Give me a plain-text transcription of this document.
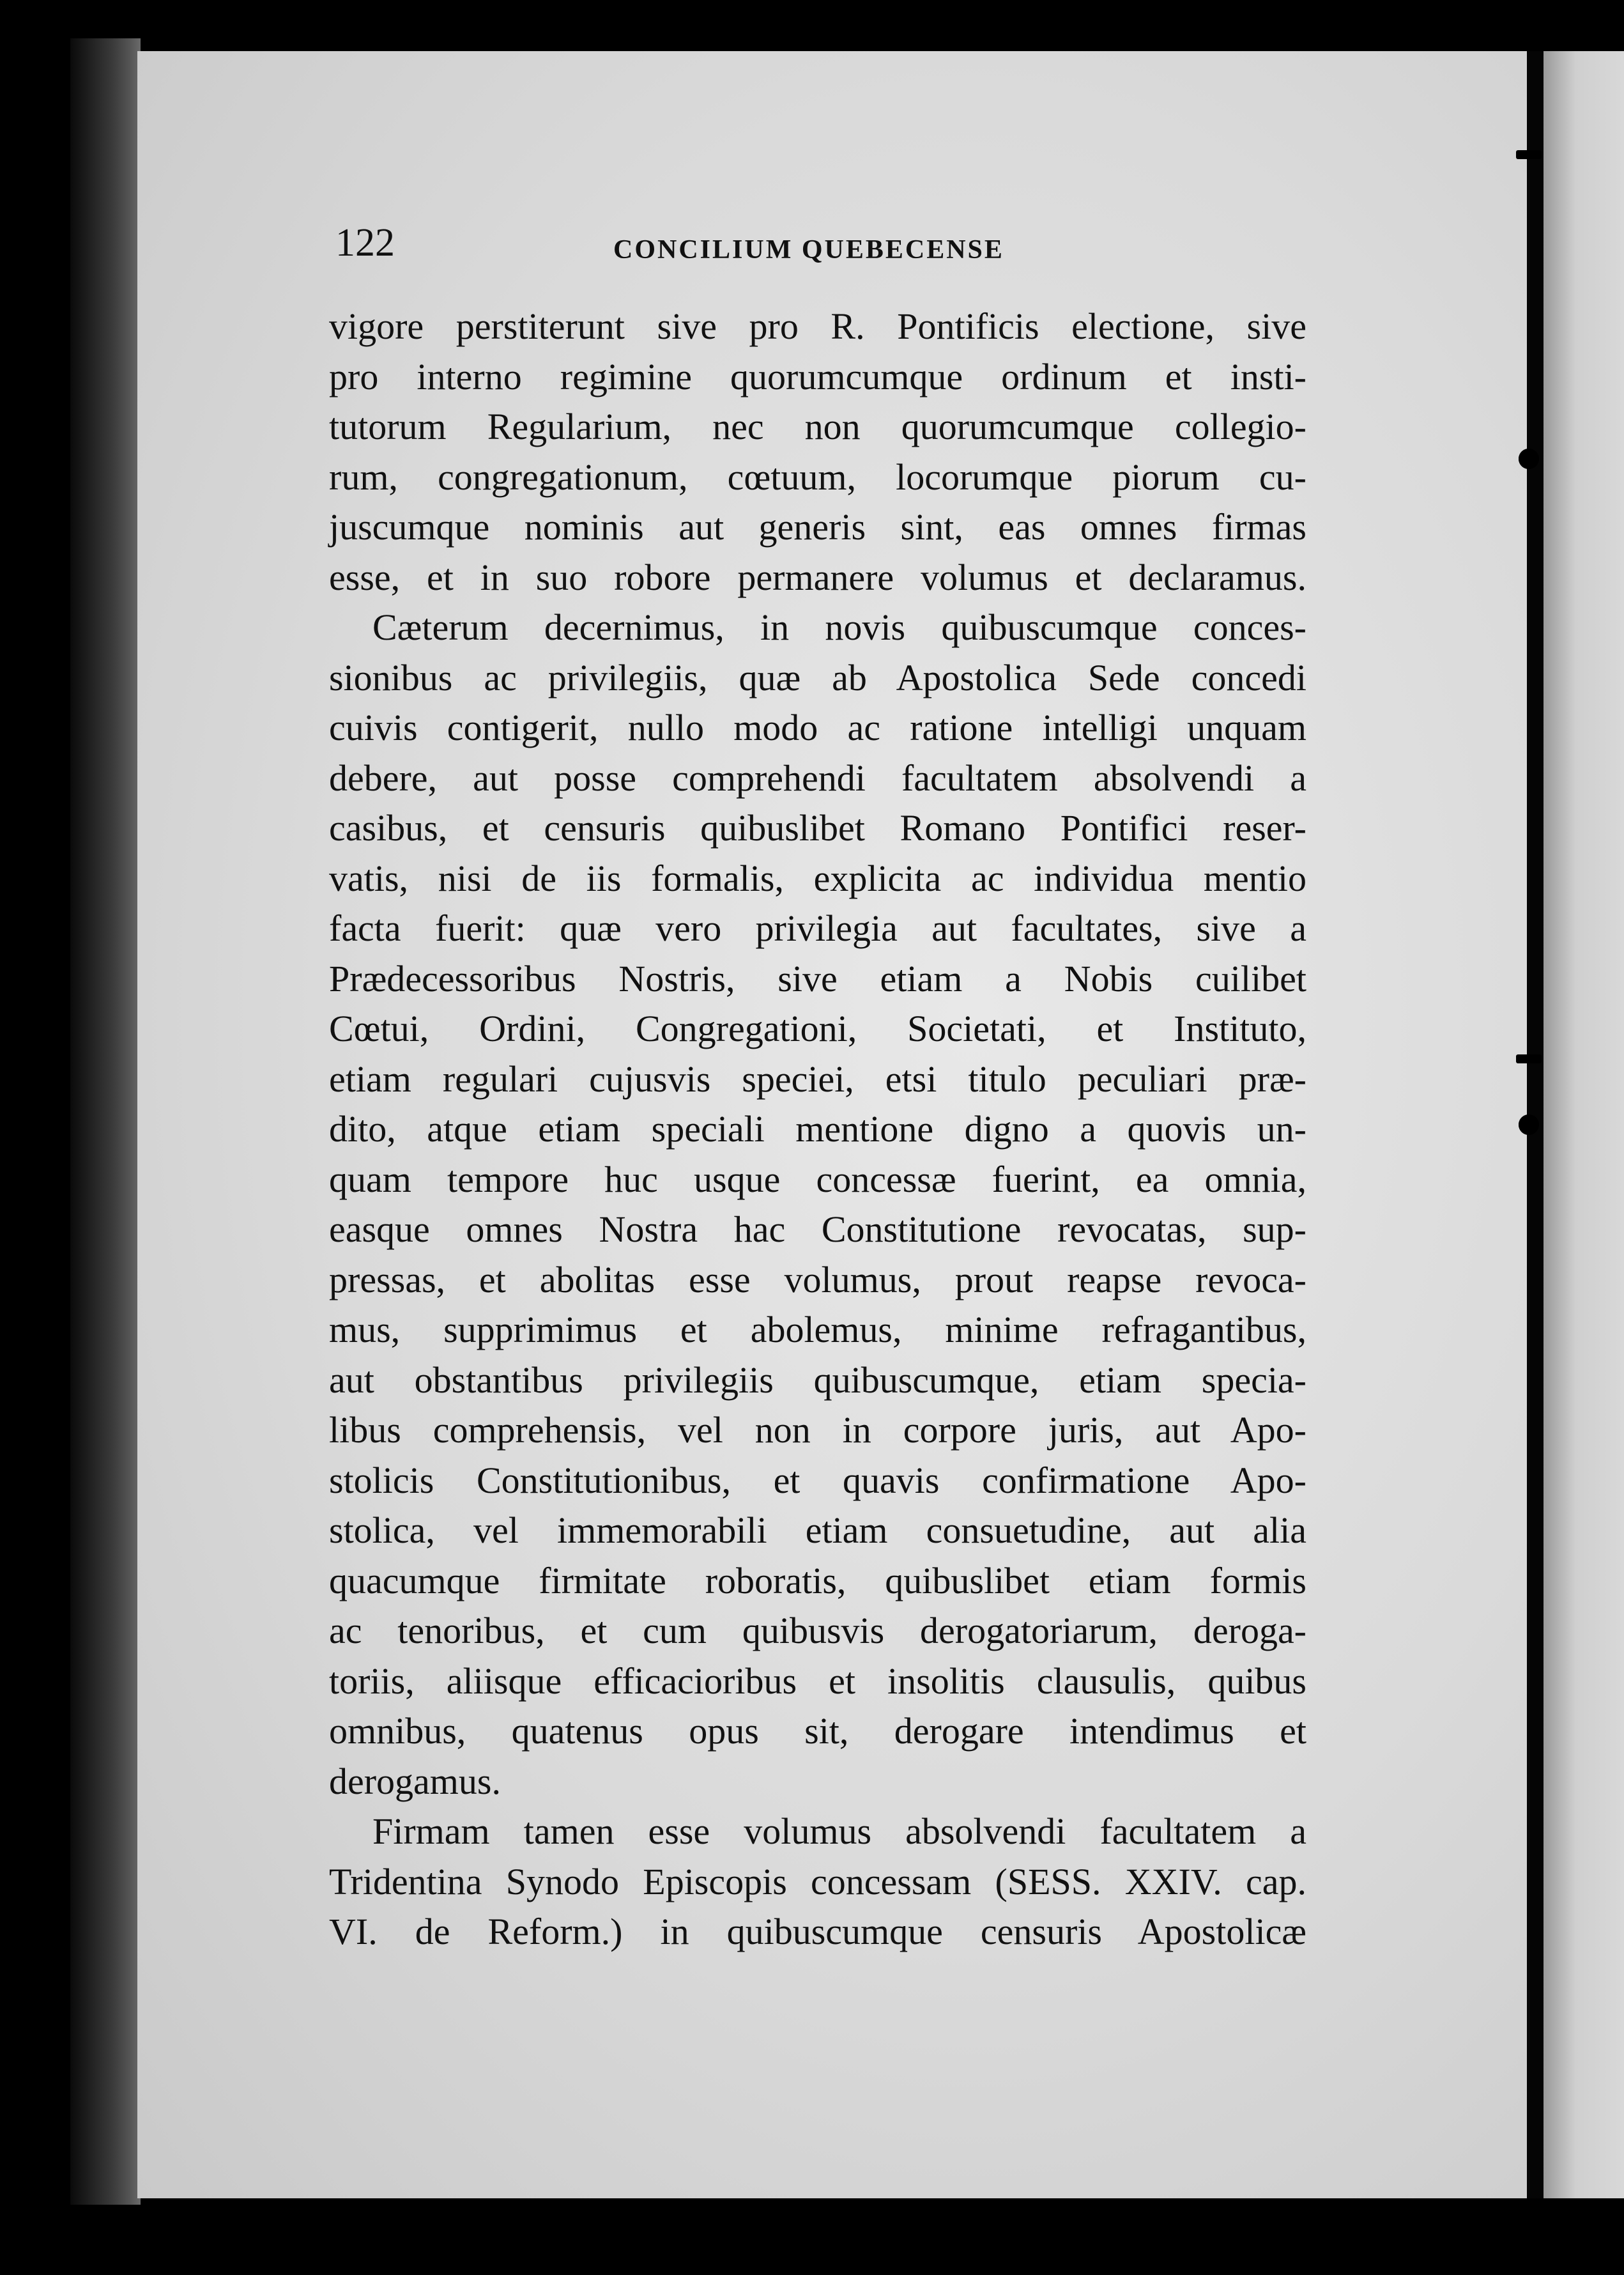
122	CONCILIUM QUEBECENSE
vigore perstiterunt sive pro R. Pontificis electione, sive
pro interno regimine quorumcumque ordinum et insti-
tutorum Regularium, nec non quorumcumque collegio-
rum, congregationum, cœtuum, locorumque piorum cu-
juscumque nominis aut generis sint, eas omnes firmas
esse, et in suo robore permanere volumus et declaramus.
Cæterum decernimus, in novis quibuscumque conces-
sionibus ac privilegiis, quæ ab Apostolica Sede concedi
cuivis contigerit, nullo modo ac ratione intelligi unquam
debere, aut posse comprehendi facultatem absolvendi a
casibus, et censuris quibuslibet Romano Pontifici reser-
vatis, nisi de iis formalis, explicita ac individua mentio
facta fuerit: quæ vero privilegia aut facultates, sive a
Prædecessoribus Nostris, sive etiam a Nobis cuilibet
Cœtui, Ordini, Congregationi, Societati, et Instituto,
etiam regulari cujusvis speciei, etsi titulo peculiari præ-
dito, atque etiam speciali mentione digno a quovis un-
quam tempore huc usque concessæ fuerint, ea omnia,
easque omnes Nostra hac Constitutione revocatas, sup-
pressas, et abolitas esse volumus, prout reapse revoca-
mus, supprimimus et abolemus, minime refragantibus,
aut obstantibus privilegiis quibuscumque, etiam specia-
libus comprehensis, vel non in corpore juris, aut Apo-
stolicis Constitutionibus, et quavis confirmatione Apo-
stolica, vel immemorabili etiam consuetudine, aut alia
quacumque firmitate roboratis, quibuslibet etiam formis
ac tenoribus, et cum quibusvis derogatoriarum, deroga-
toriis, aliisque efficacioribus et insolitis clausulis, quibus
omnibus, quatenus opus sit, derogare intendimus et
derogamus.
Firmam tamen esse volumus absolvendi facultatem a
Tridentina Synodo Episcopis concessam (SESS. XXIV. cap.
VI. de Reform.) in quibuscumque censuris Apostolicæ
